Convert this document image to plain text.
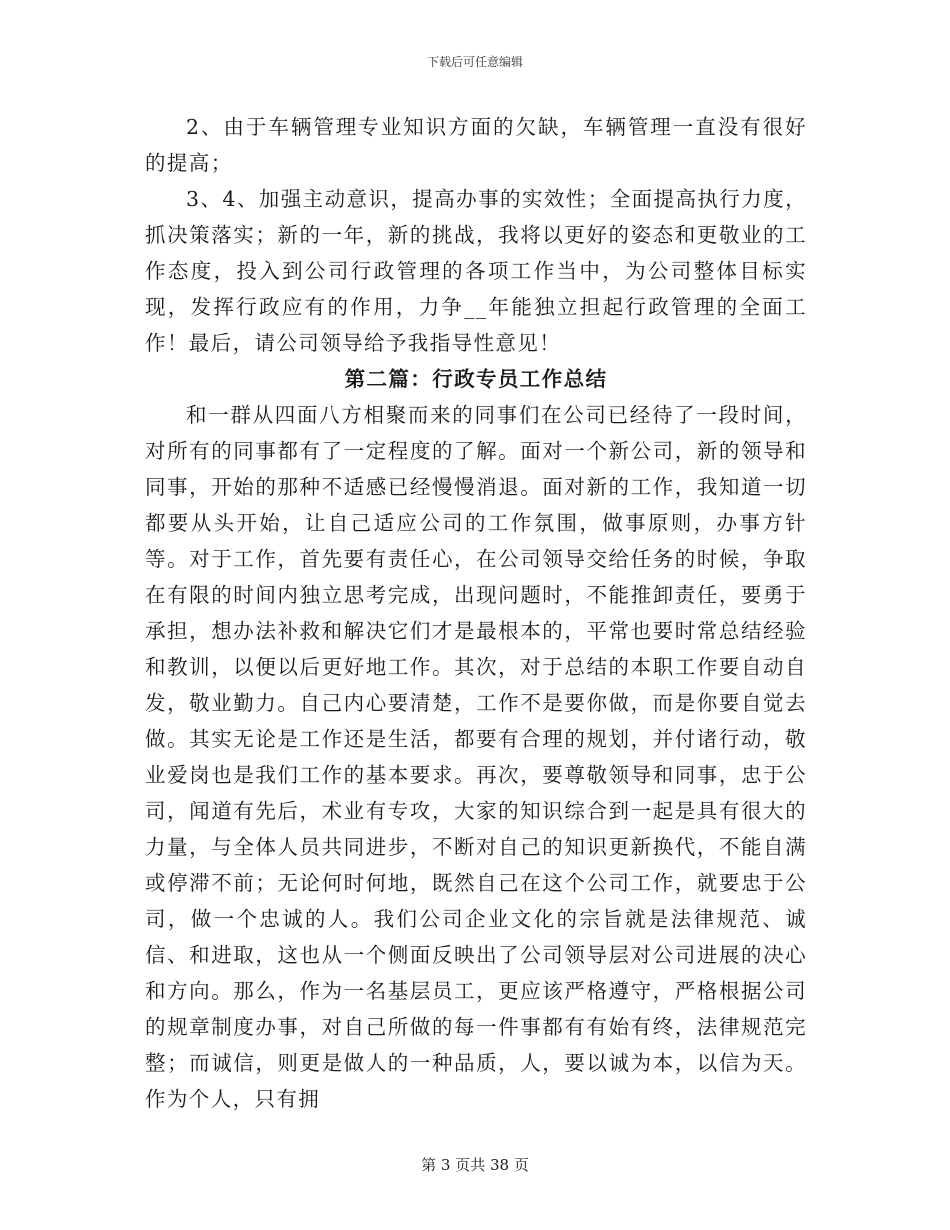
下载后可任意编辑

2、由于车辆管理专业知识方面的欠缺，车辆管理一直没有很好的提高；

3、4、加强主动意识，提高办事的实效性；全面提高执行力度，抓决策落实；新的一年，新的挑战，我将以更好的姿态和更敬业的工作态度，投入到公司行政管理的各项工作当中，为公司整体目标实现，发挥行政应有的作用，力争__年能独立担起行政管理的全面工作！最后，请公司领导给予我指导性意见！

第二篇：行政专员工作总结

和一群从四面八方相聚而来的同事们在公司已经待了一段时间，对所有的同事都有了一定程度的了解。面对一个新公司，新的领导和同事，开始的那种不适感已经慢慢消退。面对新的工作，我知道一切都要从头开始，让自己适应公司的工作氛围，做事原则，办事方针等。对于工作，首先要有责任心，在公司领导交给任务的时候，争取在有限的时间内独立思考完成，出现问题时，不能推卸责任，要勇于承担，想办法补救和解决它们才是最根本的，平常也要时常总结经验和教训，以便以后更好地工作。其次，对于总结的本职工作要自动自发，敬业勤力。自己内心要清楚，工作不是要你做，而是你要自觉去做。其实无论是工作还是生活，都要有合理的规划，并付诸行动，敬业爱岗也是我们工作的基本要求。再次，要尊敬领导和同事，忠于公司，闻道有先后，术业有专攻，大家的知识综合到一起是具有很大的力量，与全体人员共同进步，不断对自己的知识更新换代，不能自满或停滞不前；无论何时何地，既然自己在这个公司工作，就要忠于公司，做一个忠诚的人。我们公司企业文化的宗旨就是法律规范、诚信、和进取，这也从一个侧面反映出了公司领导层对公司进展的决心和方向。那么，作为一名基层员工，更应该严格遵守，严格根据公司的规章制度办事，对自己所做的每一件事都有有始有终，法律规范完整；而诚信，则更是做人的一种品质，人，要以诚为本，以信为天。作为个人，只有拥

第 3 页共 38 页
